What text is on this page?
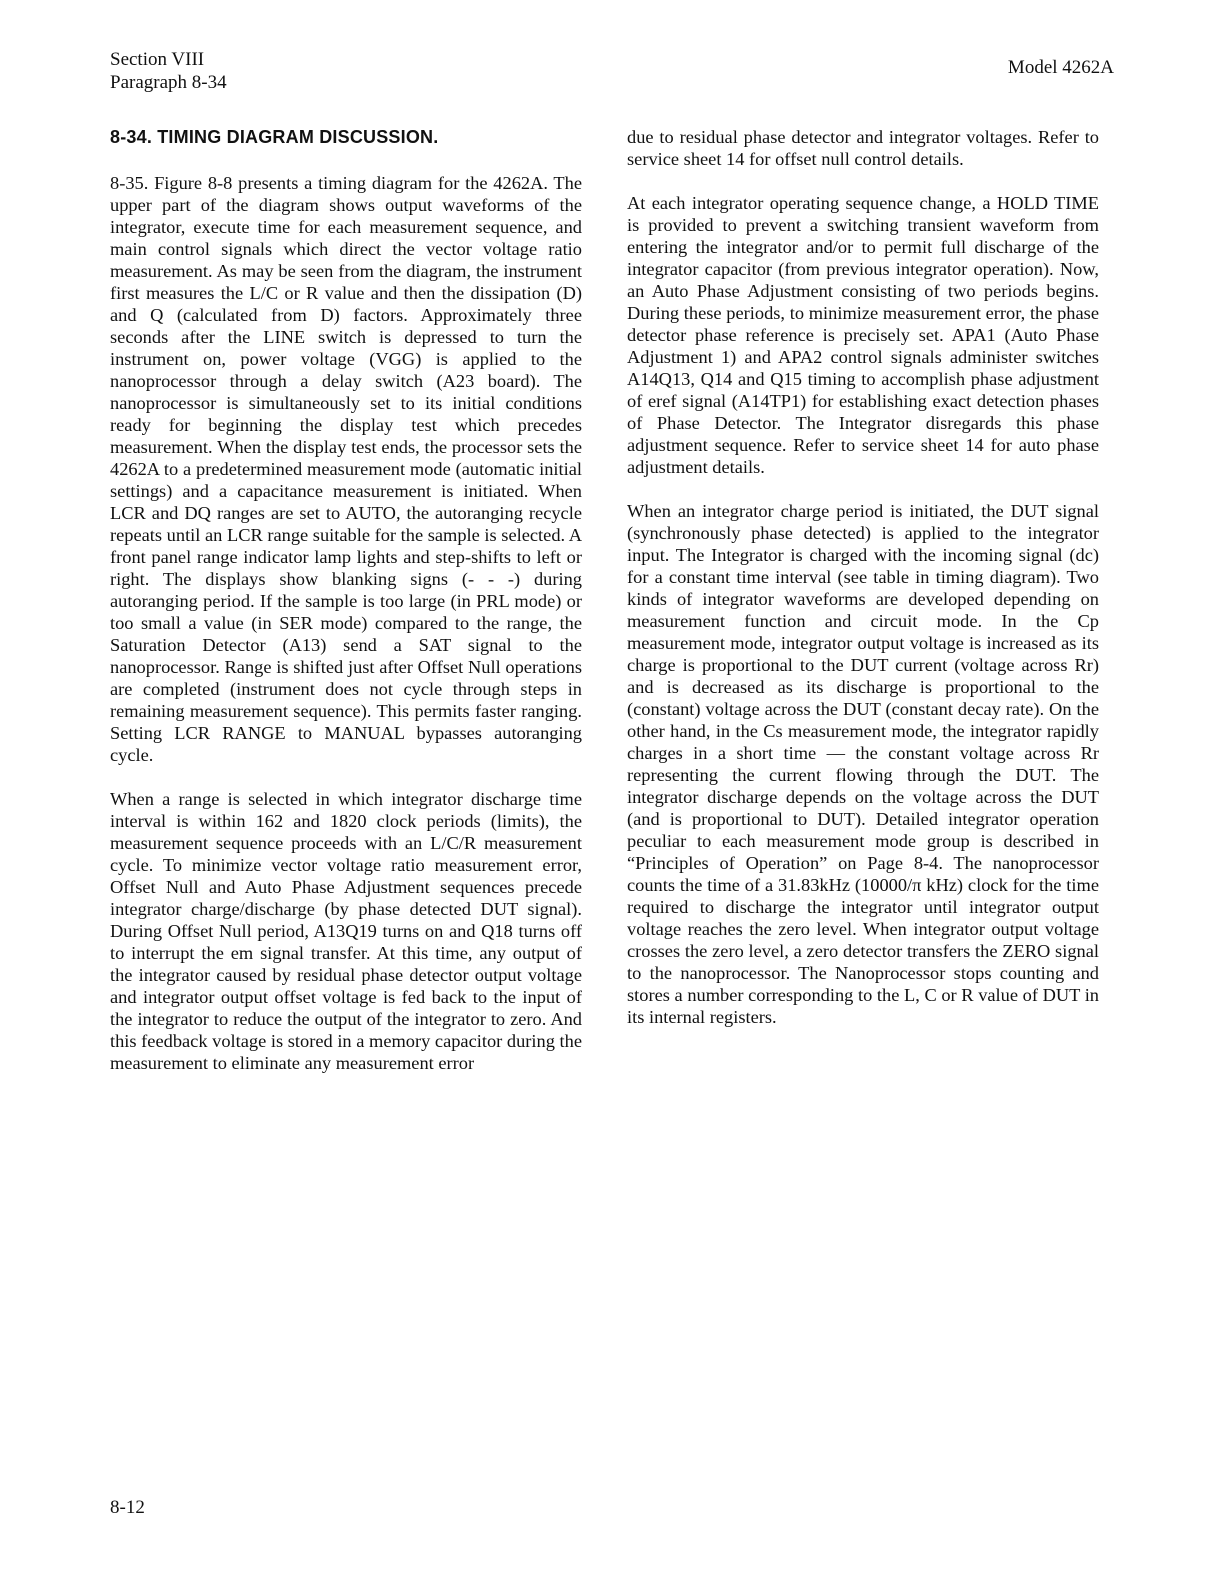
Section VIII
Paragraph 8-34
Model 4262A
8-34. TIMING DIAGRAM DISCUSSION.

8-35. Figure 8-8 presents a timing diagram for the 4262A. The upper part of the diagram shows output waveforms of the integrator, execute time for each measurement sequence, and main control signals which direct the vector voltage ratio measurement. As may be seen from the diagram, the instrument first measures the L/C or R value and then the dissipation (D) and Q (calculated from D) factors. Approximately three seconds after the LINE switch is depressed to turn the instrument on, power voltage (VGG) is applied to the nanoprocessor through a delay switch (A23 board). The nanoprocessor is simultaneously set to its initial conditions ready for beginning the display test which precedes measurement. When the display test ends, the processor sets the 4262A to a predetermined measurement mode (automatic initial settings) and a capacitance measurement is initiated. When LCR and DQ ranges are set to AUTO, the autoranging recycle repeats until an LCR range suitable for the sample is selected. A front panel range indicator lamp lights and step-shifts to left or right. The displays show blanking signs (- - -) during autoranging period. If the sample is too large (in PRL mode) or too small a value (in SER mode) compared to the range, the Saturation Detector (A13) send a SAT signal to the nanoprocessor. Range is shifted just after Offset Null operations are completed (instrument does not cycle through steps in remaining measurement sequence). This permits faster ranging. Setting LCR RANGE to MANUAL bypasses autoranging cycle.

When a range is selected in which integrator discharge time interval is within 162 and 1820 clock periods (limits), the measurement sequence proceeds with an L/C/R measurement cycle. To minimize vector voltage ratio measurement error, Offset Null and Auto Phase Adjustment sequences precede integrator charge/discharge (by phase detected DUT signal). During Offset Null period, A13Q19 turns on and Q18 turns off to interrupt the em signal transfer. At this time, any output of the integrator caused by residual phase detector output voltage and integrator output offset voltage is fed back to the input of the integrator to reduce the output of the integrator to zero. And this feedback voltage is stored in a memory capacitor during the measurement to eliminate any measurement error

due to residual phase detector and integrator voltages. Refer to service sheet 14 for offset null control details.

At each integrator operating sequence change, a HOLD TIME is provided to prevent a switching transient waveform from entering the integrator and/or to permit full discharge of the integrator capacitor (from previous integrator operation). Now, an Auto Phase Adjustment consisting of two periods begins. During these periods, to minimize measurement error, the phase detector phase reference is precisely set. APA1 (Auto Phase Adjustment 1) and APA2 control signals administer switches A14Q13, Q14 and Q15 timing to accomplish phase adjustment of eref signal (A14TP1) for establishing exact detection phases of Phase Detector. The Integrator disregards this phase adjustment sequence. Refer to service sheet 14 for auto phase adjustment details.

When an integrator charge period is initiated, the DUT signal (synchronously phase detected) is applied to the integrator input. The Integrator is charged with the incoming signal (dc) for a constant time interval (see table in timing diagram). Two kinds of integrator waveforms are developed depending on measurement function and circuit mode. In the Cp measurement mode, integrator output voltage is increased as its charge is proportional to the DUT current (voltage across Rr) and is decreased as its discharge is proportional to the (constant) voltage across the DUT (constant decay rate). On the other hand, in the Cs measurement mode, the integrator rapidly charges in a short time — the constant voltage across Rr representing the current flowing through the DUT. The integrator discharge depends on the voltage across the DUT (and is proportional to DUT). Detailed integrator operation peculiar to each measurement mode group is described in “Principles of Operation” on Page 8-4. The nanoprocessor counts the time of a 31.83kHz (10000/π kHz) clock for the time required to discharge the integrator until integrator output voltage reaches the zero level. When integrator output voltage crosses the zero level, a zero detector transfers the ZERO signal to the nanoprocessor. The Nanoprocessor stops counting and stores a number corresponding to the L, C or R value of DUT in its internal registers.

8-12
